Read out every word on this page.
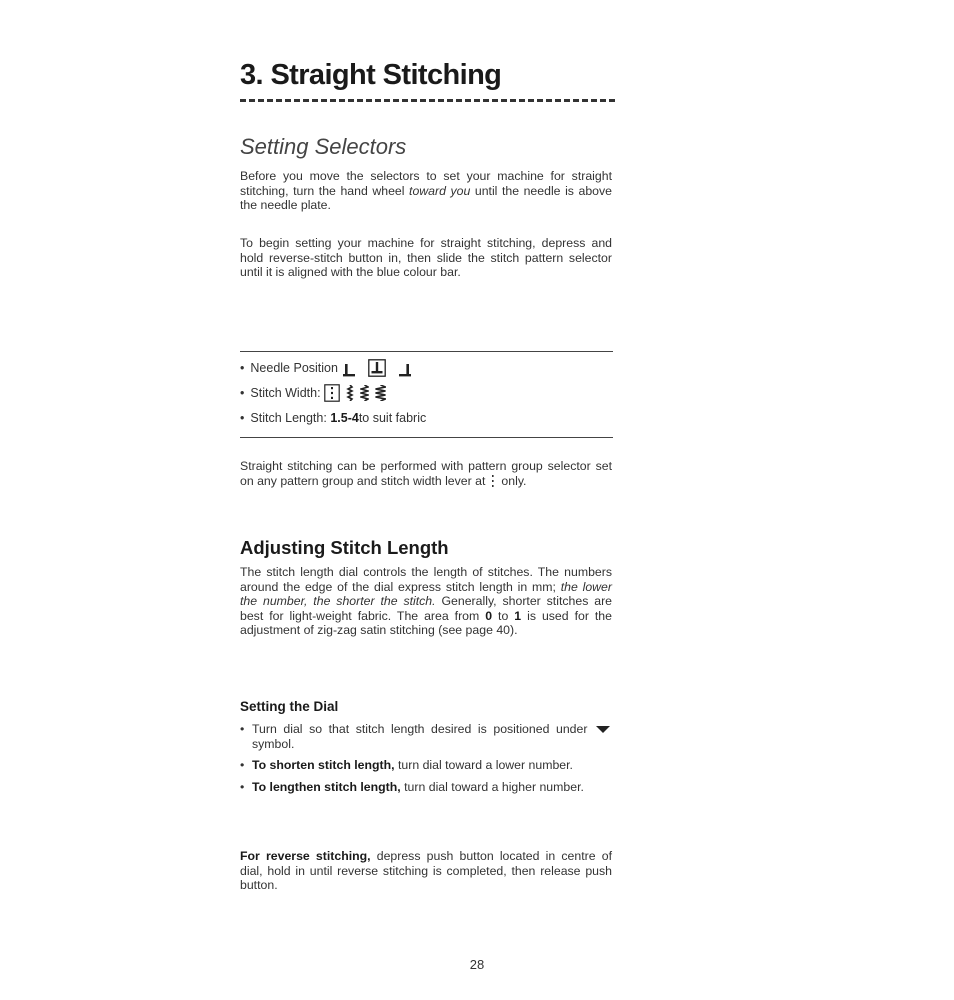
3. Straight Stitching
Setting Selectors

Before you move the selectors to set your machine for straight stitching, turn the hand wheel toward you until the needle is above the needle plate.

To begin setting your machine for straight stitching, depress and hold reverse-stitch button in, then slide the stitch pattern selector until it is aligned with the blue colour bar.

• Needle Position
• Stitch Width:
• Stitch Length:
1.5-4 to suit fabric

Straight stitching can be performed with pattern group selector set on any pattern group and stitch width lever at only.

Adjusting Stitch Length

The stitch length dial controls the length of stitches. The numbers around the edge of the dial express stitch length in mm; the lower the number, the shorter the stitch. Generally, shorter stitches are best for light-weight fabric. The area from 0 to 1 is used for the adjustment of zig-zag satin stitching (see page 40).

Setting the Dial
• Turn dial so that stitch length desired is positioned under  symbol.
• To shorten stitch length, turn dial toward a lower number.
• To lengthen stitch length, turn dial toward a higher number.

For reverse stitching, depress push button located in centre of dial, hold in until reverse stitching is completed, then release push button.

28
